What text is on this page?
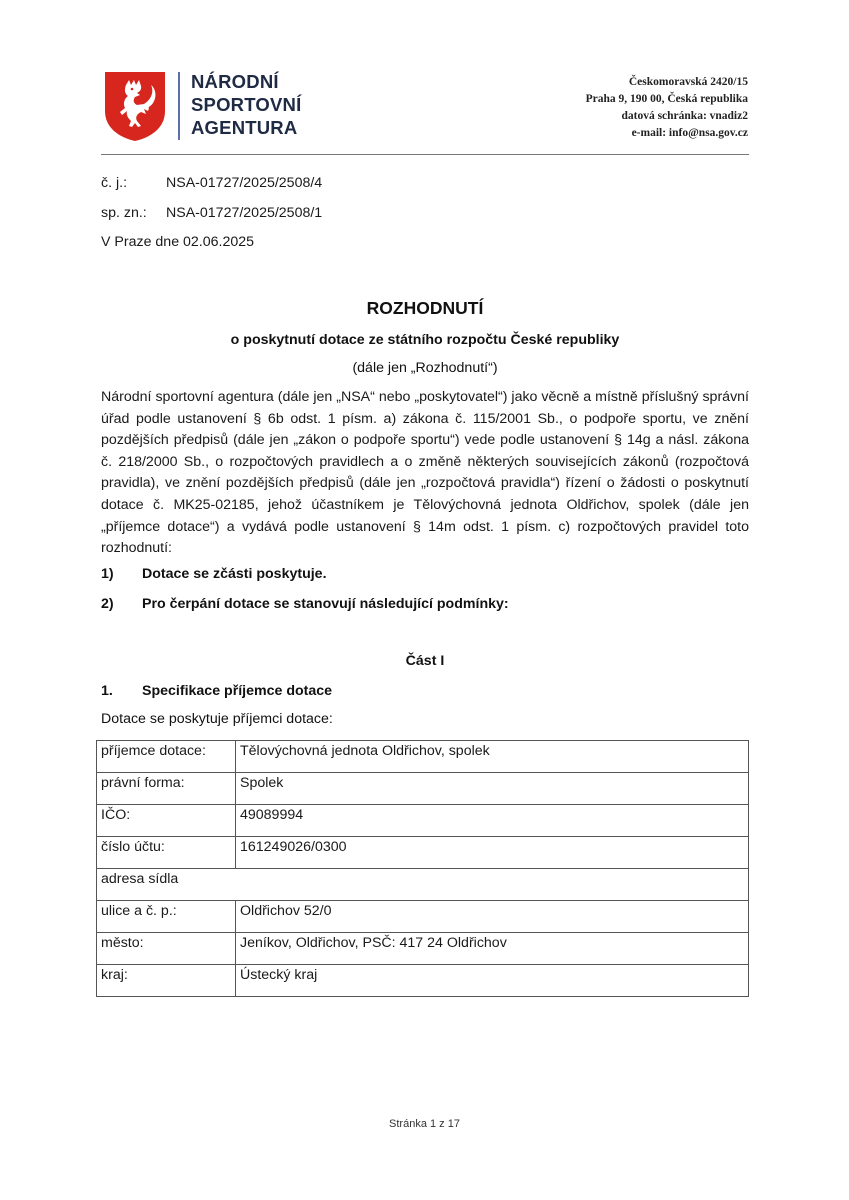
NÁRODNÍ
SPORTOVNÍ
AGENTURA
Českomoravská 2420/15
Praha 9, 190 00, Česká republika
datová schránka: vnadiz2
e-mail: info@nsa.gov.cz
č. j.:	NSA-01727/2025/2508/4
sp. zn.: NSA-01727/2025/2508/1
V Praze dne 02.06.2025
ROZHODNUTÍ
o poskytnutí dotace ze státního rozpočtu České republiky
(dále jen „Rozhodnutí“)
Národní sportovní agentura (dále jen „NSA“ nebo „poskytovatel“) jako věcně a místně příslušný správní úřad podle ustanovení § 6b odst. 1 písm. a) zákona č. 115/2001 Sb., o podpoře sportu, ve znění pozdějších předpisů (dále jen „zákon o podpoře sportu“) vede podle ustanovení § 14g a násl. zákona č. 218/2000 Sb., o rozpočtových pravidlech a o změně některých souvisejících zákonů (rozpočtová pravidla), ve znění pozdějších předpisů (dále jen „rozpočtová pravidla“) řízení o žádosti o poskytnutí dotace č. MK25-02185, jehož účastníkem je Tělovýchovná jednota Oldřichov, spolek (dále jen „příjemce dotace“) a vydává podle ustanovení § 14m odst. 1 písm. c) rozpočtových pravidel toto rozhodnutí:
1) Dotace se zčásti poskytuje.
2) Pro čerpání dotace se stanovují následující podmínky:
Část I
1. Specifikace příjemce dotace
Dotace se poskytuje příjemci dotace:
příjemce dotace:	Tělovýchovná jednota Oldřichov, spolek
právní forma:	Spolek
IČO:	49089994
číslo účtu:	161249026/0300
adresa sídla	
ulice a č. p.:	Oldřichov 52/0
město:	Jeníkov, Oldřichov, PSČ: 417 24 Oldřichov
kraj:	Ústecký kraj
Stránka 1 z 17
